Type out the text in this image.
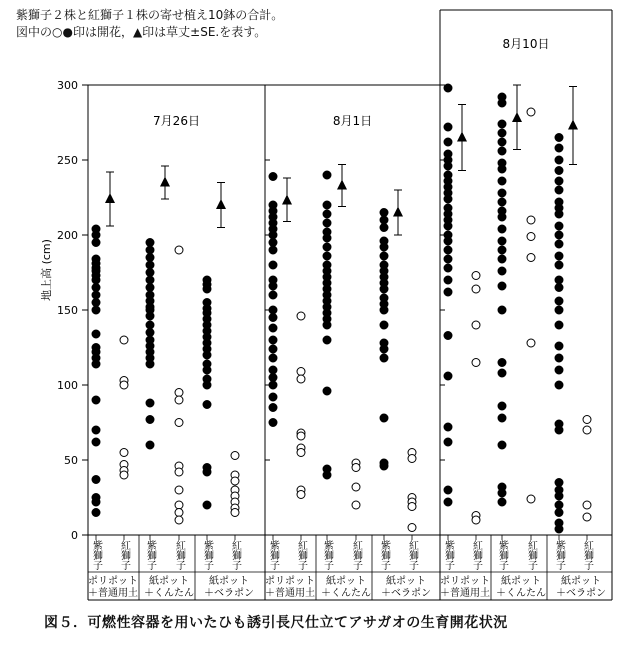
紫獅子２株と紅獅子１株の寄せ植え10鉢の合計。
図中の○●印は開花，▲印は草丈±SE.を表す。
0
50
100
150
200
250
300
地上高 (cm)
7月26日
ポリポット
＋普通用土
紫獅子 紅獅子
紙ポット
＋くんたん
紫獅子 紅獅子
紙ポット
＋ベラポン
紫獅子 紅獅子
8月1日
ポリポット
＋普通用土
紫獅子 紅獅子
紙ポット
＋くんたん
紫獅子 紅獅子
紙ポット
＋ベラポン
紫獅子 紅獅子
8月10日
ポリポット
＋普通用土
紫獅子 紅獅子
紙ポット
＋くんたん
紫獅子 紅獅子
紙ポット
＋ベラポン
紫獅子 紅獅子
図５．可燃性容器を用いたひも誘引長尺仕立てアサガオの生育開花状況
